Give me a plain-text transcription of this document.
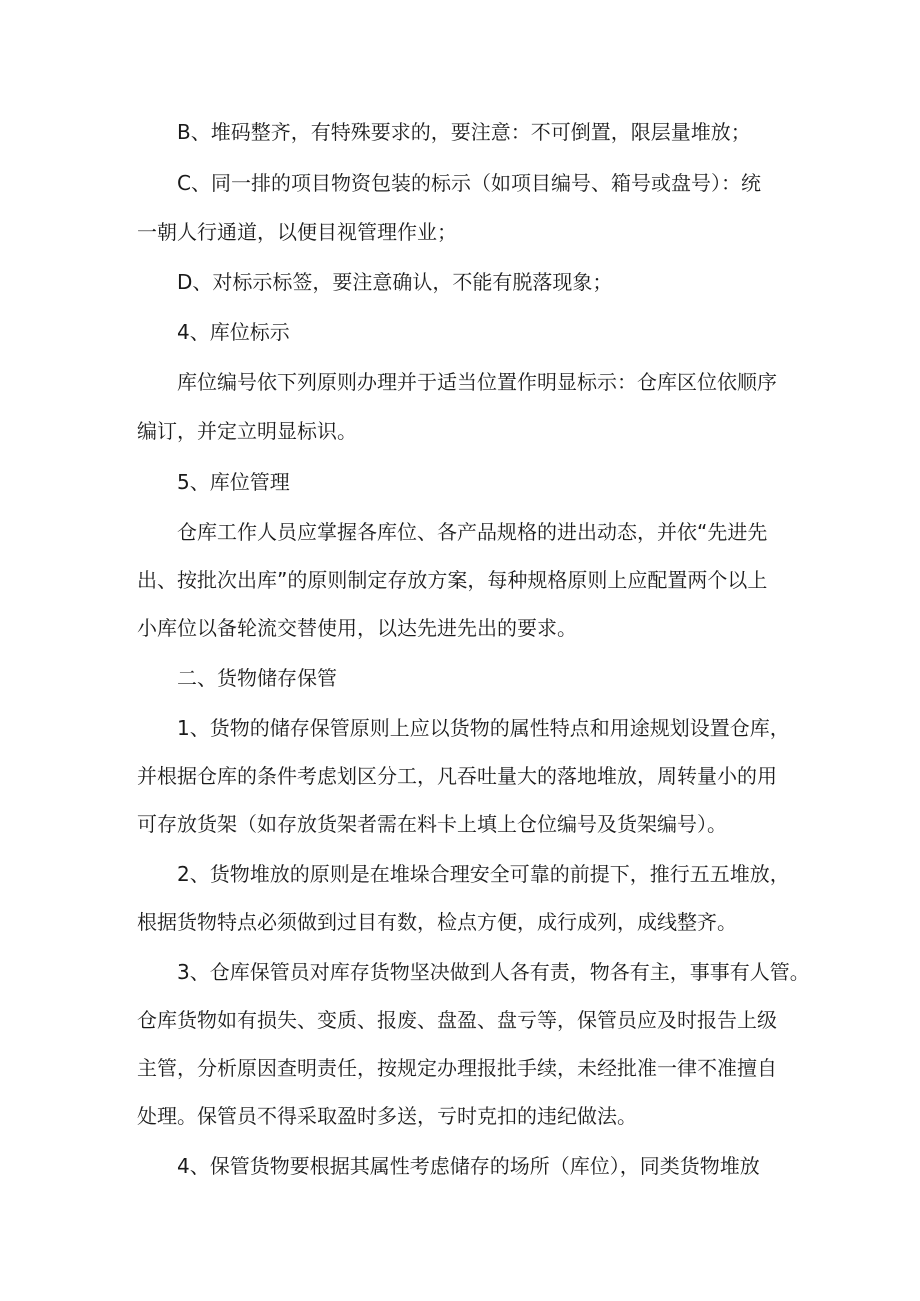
B、堆码整齐，有特殊要求的，要注意：不可倒置，限层量堆放；

C、同一排的项目物资包装的标示（如项目编号、箱号或盘号）：统

一朝人行通道，以便目视管理作业；

D、对标示标签，要注意确认，不能有脱落现象；

4、库位标示

库位编号依下列原则办理并于适当位置作明显标示：仓库区位依顺序

编订，并定立明显标识。

5、库位管理

仓库工作人员应掌握各库位、各产品规格的进出动态，并依“先进先

出、按批次出库”的原则制定存放方案，每种规格原则上应配置两个以上

小库位以备轮流交替使用，以达先进先出的要求。

二、货物储存保管

1、货物的储存保管原则上应以货物的属性特点和用途规划设置仓库，

并根据仓库的条件考虑划区分工，凡吞吐量大的落地堆放，周转量小的用

可存放货架（如存放货架者需在料卡上填上仓位编号及货架编号）。

2、货物堆放的原则是在堆垛合理安全可靠的前提下，推行五五堆放，

根据货物特点必须做到过目有数，检点方便，成行成列，成线整齐。

3、仓库保管员对库存货物坚决做到人各有责，物各有主，事事有人管。

仓库货物如有损失、变质、报废、盘盈、盘亏等，保管员应及时报告上级

主管，分析原因查明责任，按规定办理报批手续，未经批准一律不准擅自

处理。保管员不得采取盈时多送，亏时克扣的违纪做法。

4、保管货物要根据其属性考虑储存的场所（库位），同类货物堆放
